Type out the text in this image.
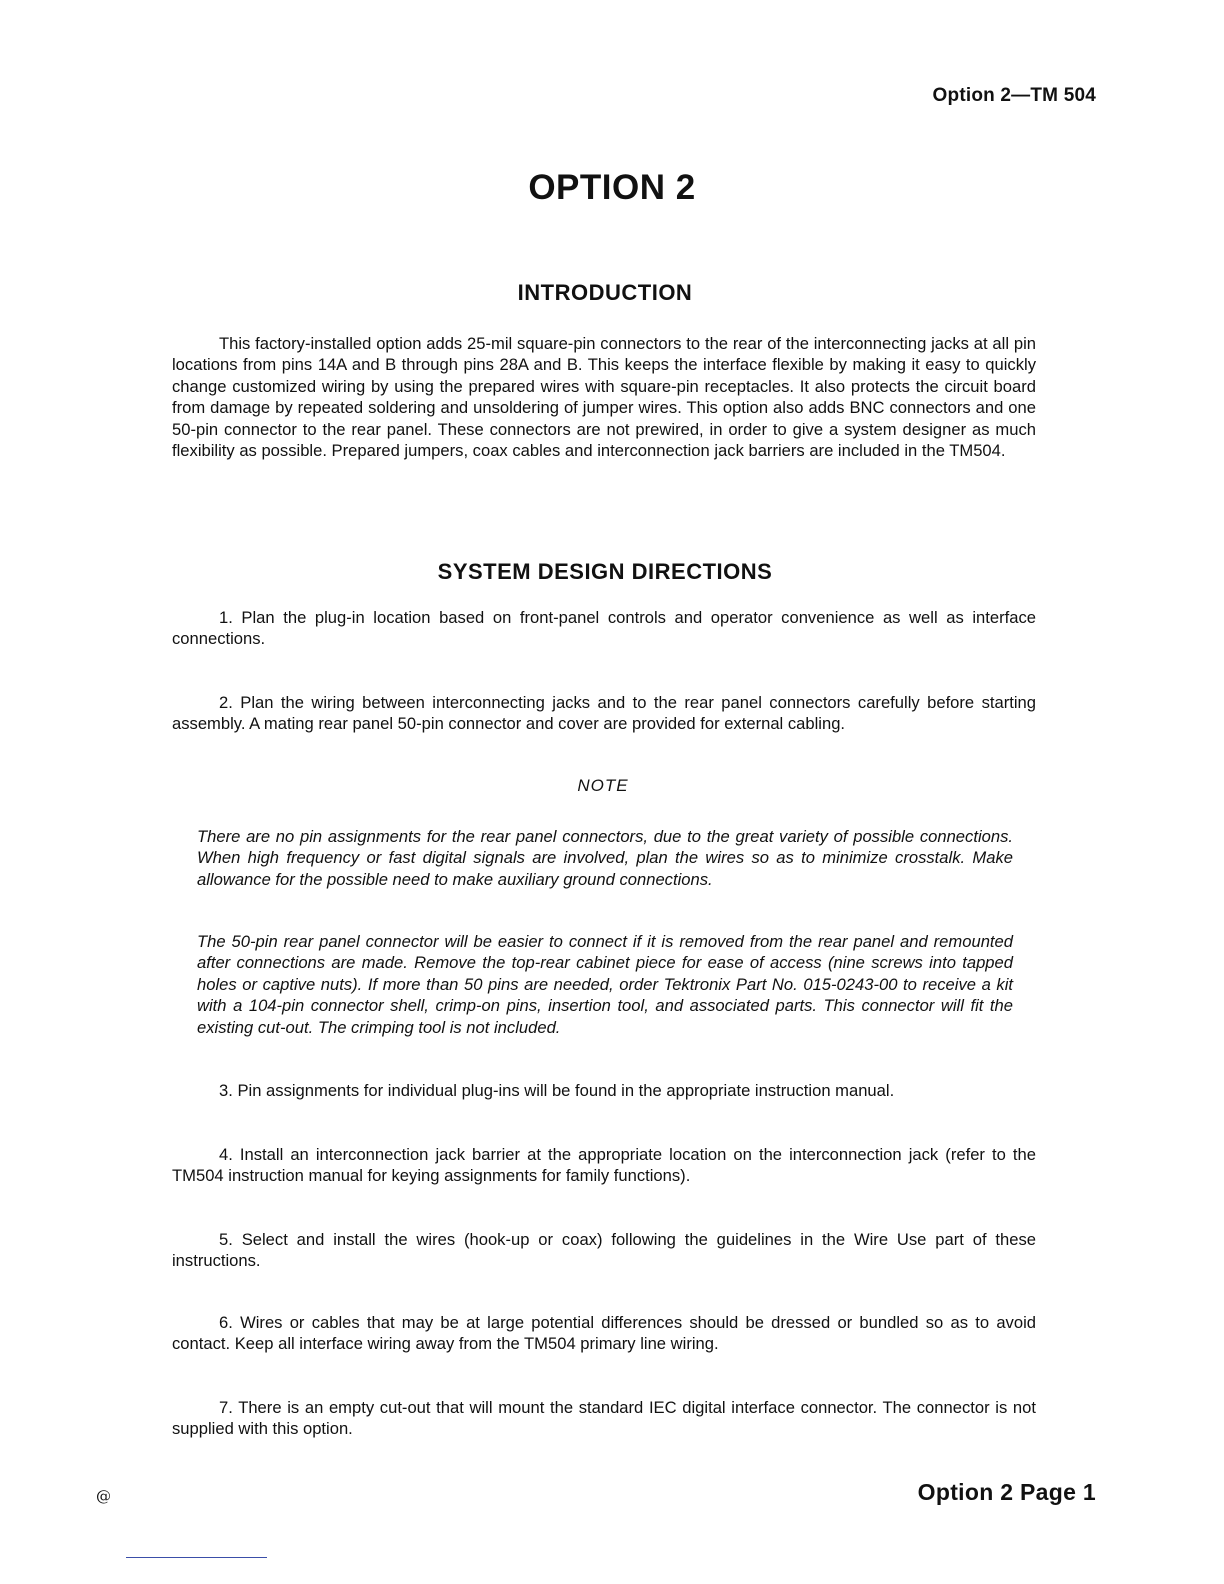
Option 2—TM 504
OPTION 2
INTRODUCTION

This factory-installed option adds 25-mil square-pin connectors to the rear of the interconnecting jacks at all pin locations from pins 14A and B through pins 28A and B. This keeps the interface flexible by making it easy to quickly change customized wiring by using the prepared wires with square-pin receptacles. It also protects the circuit board from damage by repeated soldering and unsoldering of jumper wires. This option also adds BNC connectors and one 50-pin connector to the rear panel. These connectors are not prewired, in order to give a system designer as much flexibility as possible. Prepared jumpers, coax cables and interconnection jack barriers are included in the TM504.

SYSTEM DESIGN DIRECTIONS

1. Plan the plug-in location based on front-panel controls and operator convenience as well as interface connections.

2. Plan the wiring between interconnecting jacks and to the rear panel connectors carefully before starting assembly. A mating rear panel 50-pin connector and cover are provided for external cabling.

NOTE

There are no pin assignments for the rear panel connectors, due to the great variety of possible connections. When high frequency or fast digital signals are involved, plan the wires so as to minimize crosstalk. Make allowance for the possible need to make auxiliary ground connections.

The 50-pin rear panel connector will be easier to connect if it is removed from the rear panel and remounted after connections are made. Remove the top-rear cabinet piece for ease of access (nine screws into tapped holes or captive nuts). If more than 50 pins are needed, order Tektronix Part No. 015-0243-00 to receive a kit with a 104-pin connector shell, crimp-on pins, insertion tool, and associated parts. This connector will fit the existing cut-out. The crimping tool is not included.

3. Pin assignments for individual plug-ins will be found in the appropriate instruction manual.

4. Install an interconnection jack barrier at the appropriate location on the interconnection jack (refer to the TM504 instruction manual for keying assignments for family functions).

5. Select and install the wires (hook-up or coax) following the guidelines in the Wire Use part of these instructions.

6. Wires or cables that may be at large potential differences should be dressed or bundled so as to avoid contact. Keep all interface wiring away from the TM504 primary line wiring.

7. There is an empty cut-out that will mount the standard IEC digital interface connector. The connector is not supplied with this option.

@	Option 2 Page 1
